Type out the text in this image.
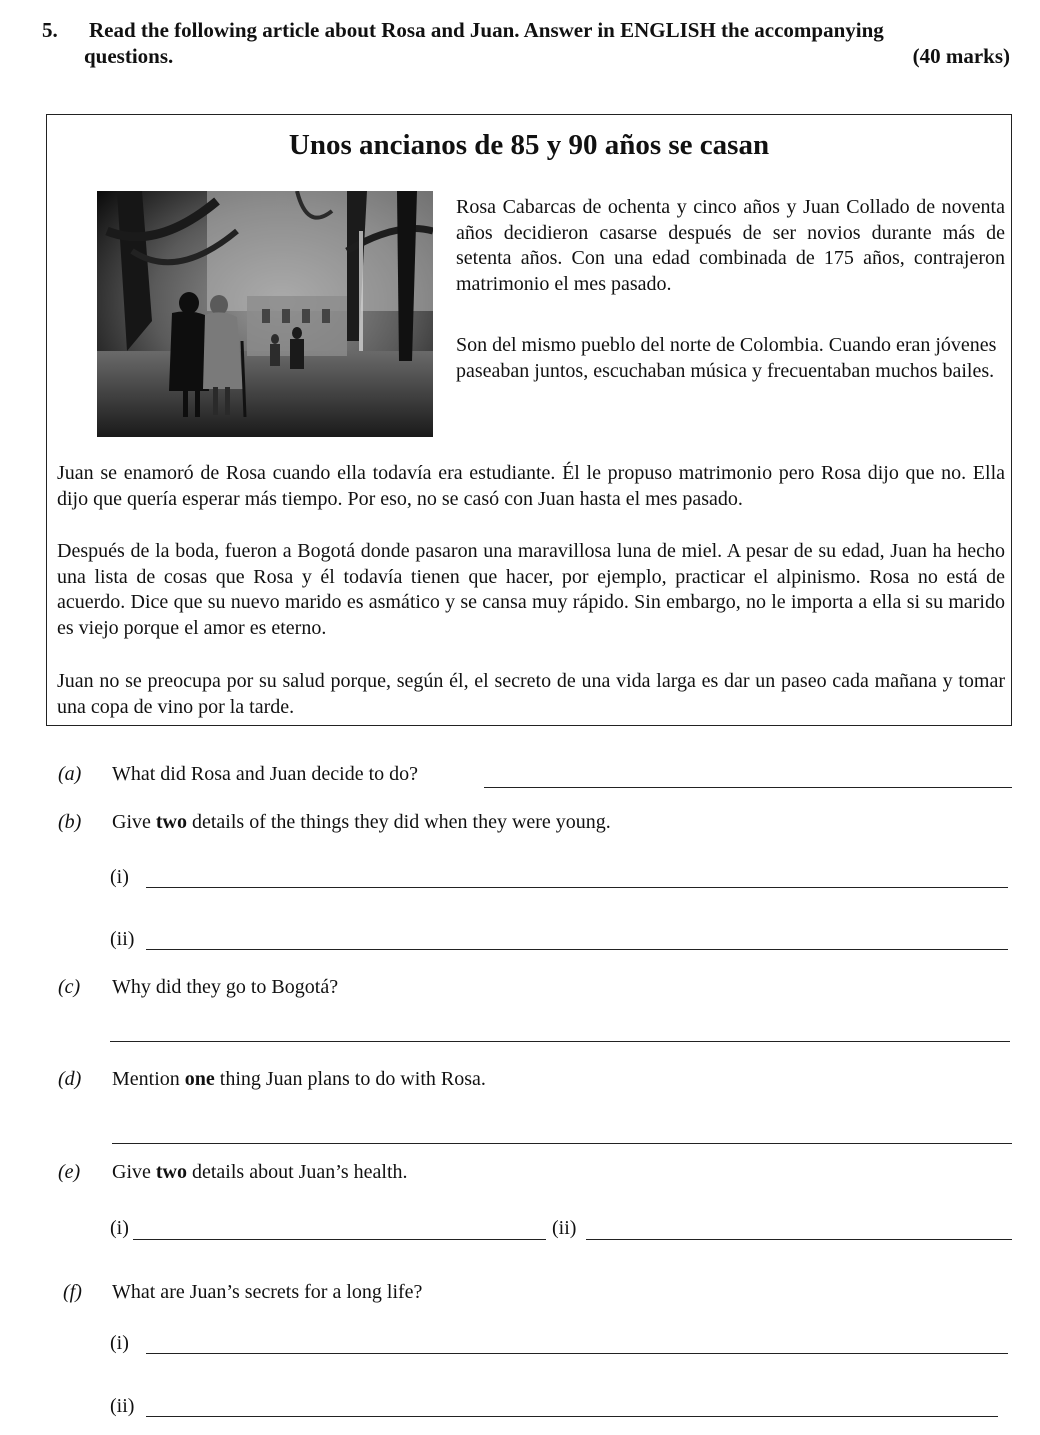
5. Read the following article about Rosa and Juan. Answer in ENGLISH the accompanying
questions.	(40 marks)
Unos ancianos de 85 y 90 años se casan
Rosa Cabarcas de ochenta y cinco años y Juan Collado de noventa años decidieron casarse después de ser novios durante más de setenta años. Con una edad combinada de 175 años, contrajeron matrimonio el mes pasado.
Son del mismo pueblo del norte de Colombia. Cuando eran jóvenes paseaban juntos, escuchaban música y frecuentaban muchos bailes.
Juan se enamoró de Rosa cuando ella todavía era estudiante. Él le propuso matrimonio pero Rosa dijo que no. Ella dijo que quería esperar más tiempo. Por eso, no se casó con Juan hasta el mes pasado.
Después de la boda, fueron a Bogotá donde pasaron una maravillosa luna de miel. A pesar de su edad, Juan ha hecho una lista de cosas que Rosa y él todavía tienen que hacer, por ejemplo, practicar el alpinismo. Rosa no está de acuerdo. Dice que su nuevo marido es asmático y se cansa muy rápido. Sin embargo, no le importa a ella si su marido es viejo porque el amor es eterno.
Juan no se preocupa por su salud porque, según él, el secreto de una vida larga es dar un paseo cada mañana y tomar una copa de vino por la tarde.
(a) What did Rosa and Juan decide to do?
(b) Give two details of the things they did when they were young.
(i)
(ii)
(c) Why did they go to Bogotá?
(d) Mention one thing Juan plans to do with Rosa.
(e) Give two details about Juan’s health.
(i)	(ii)
(f) What are Juan’s secrets for a long life?
(i)
(ii)
